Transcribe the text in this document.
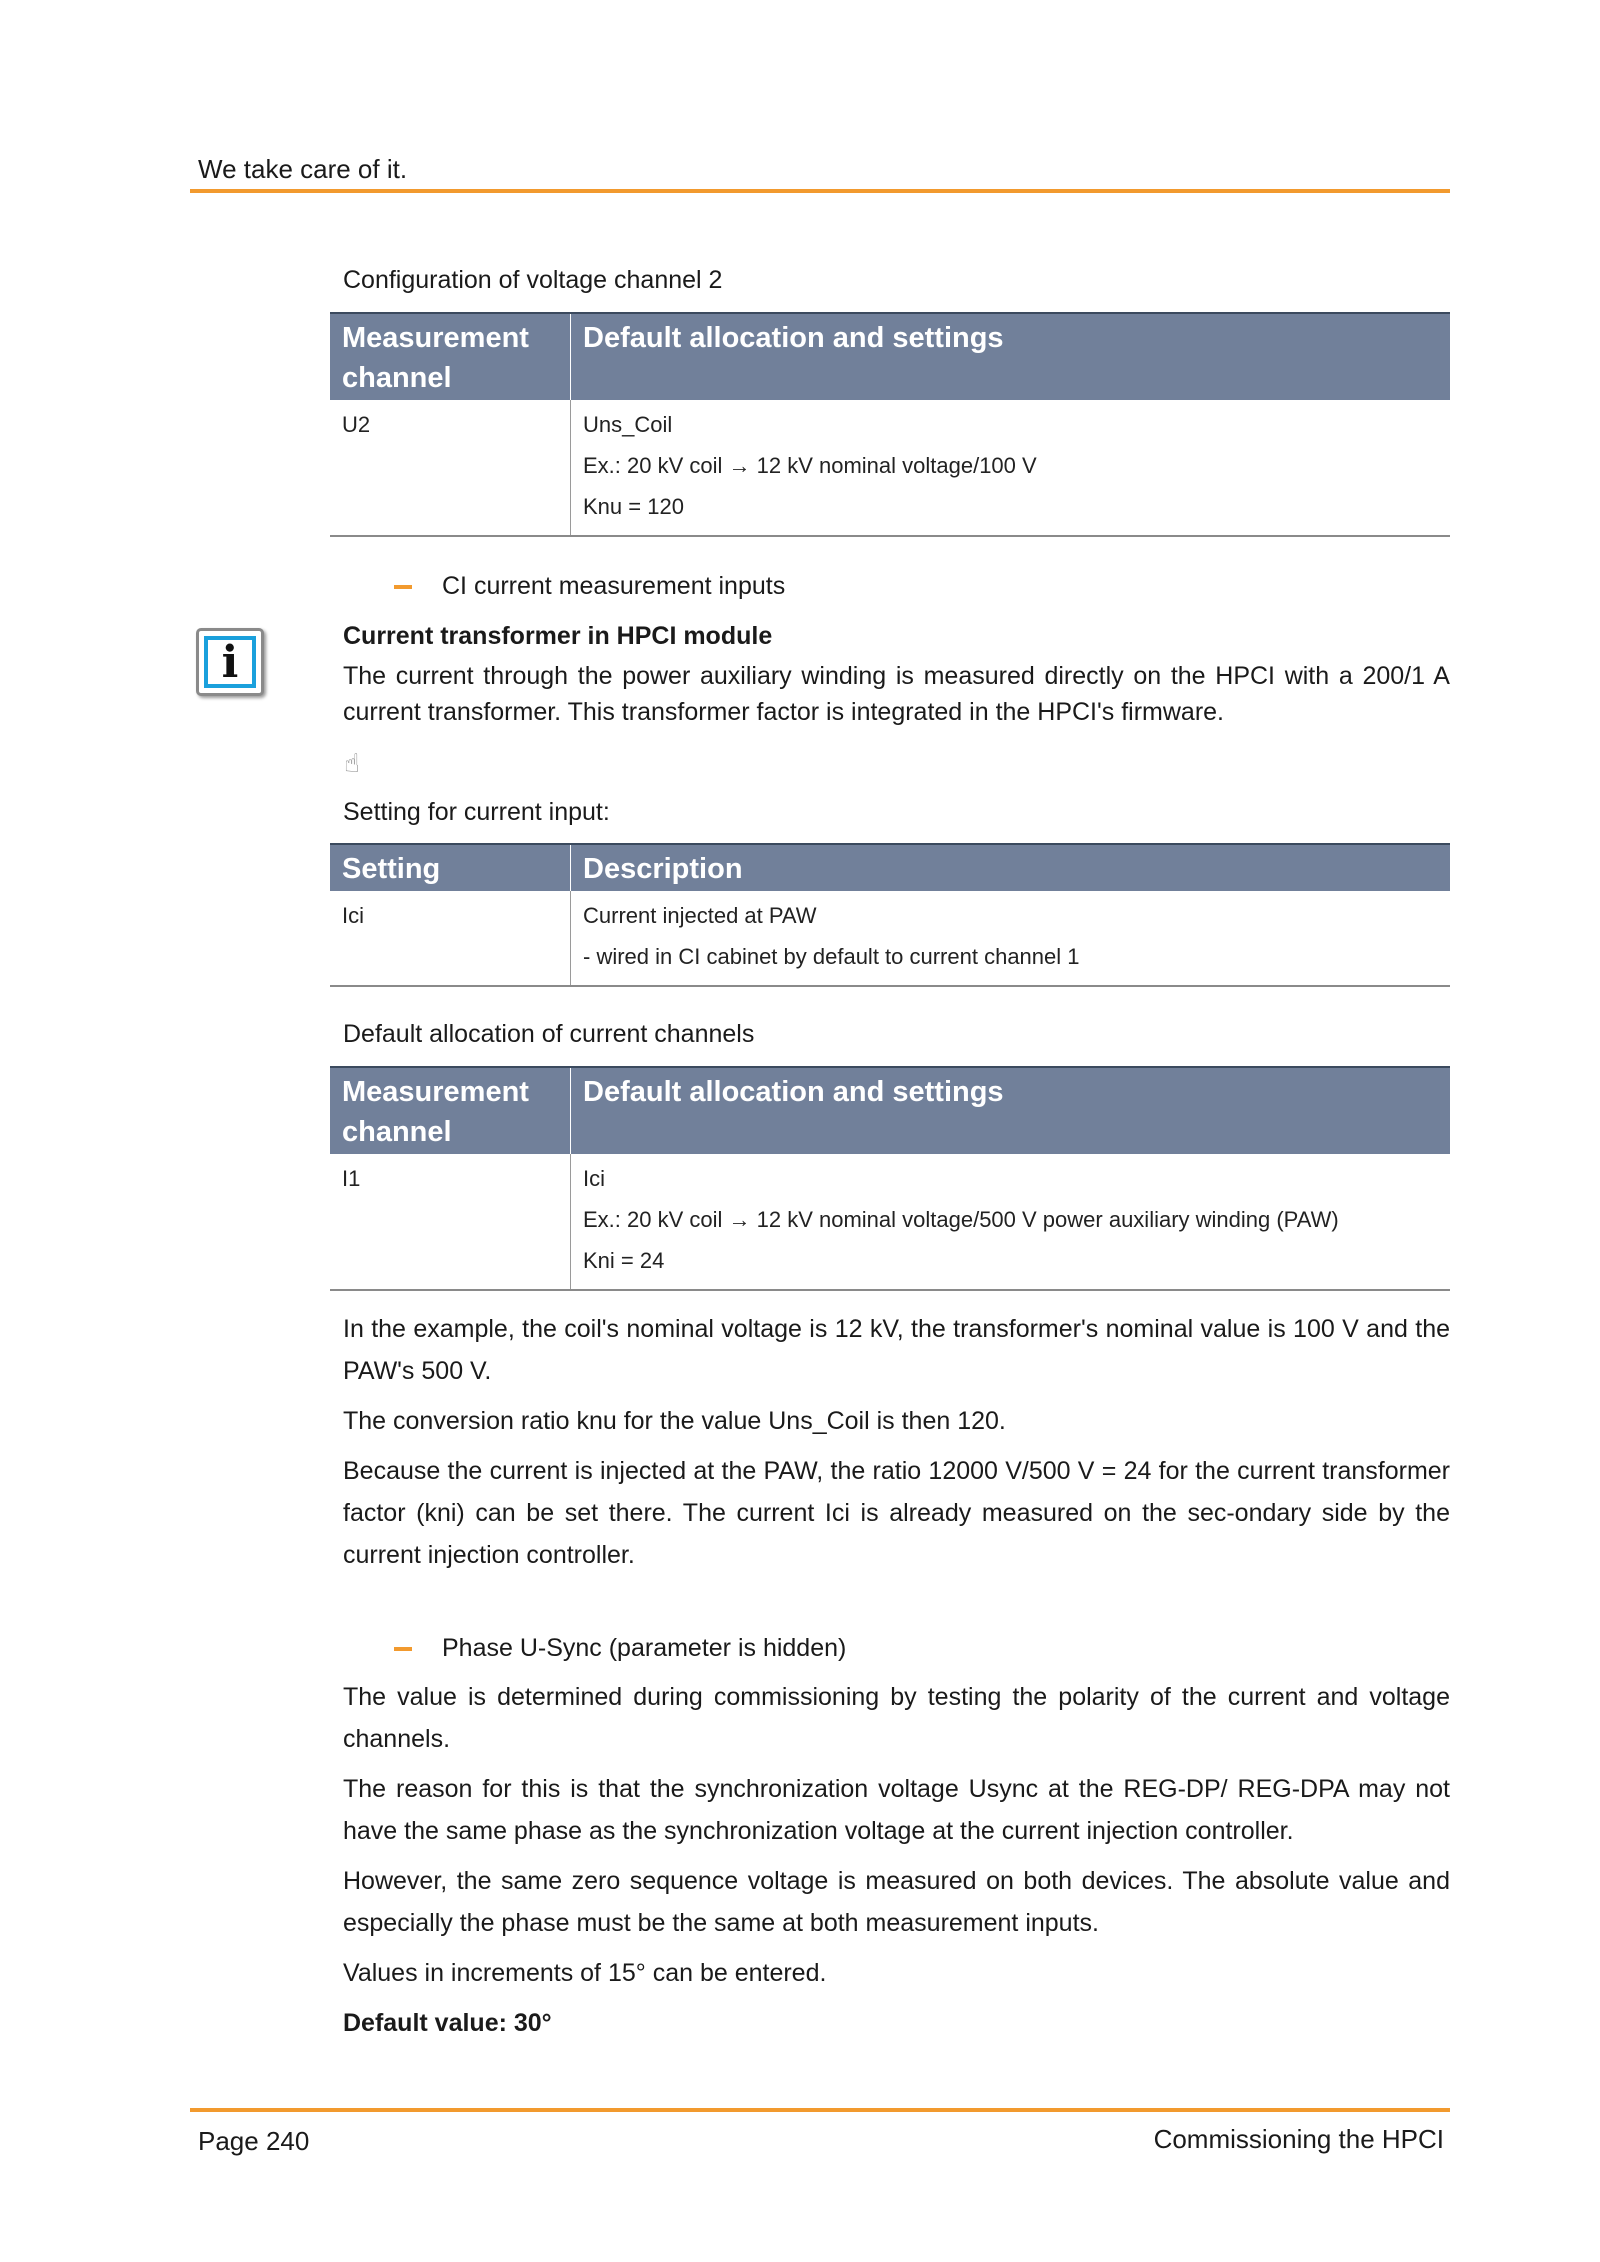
We take care of it.
Configuration of voltage channel 2
Measurement channel	Default allocation and settings
U2	Uns_Coil
Ex.: 20 kV coil → 12 kV nominal voltage/100 V
Knu = 120
CI current measurement inputs
i
Current transformer in HPCI module
The current through the power auxiliary winding is measured directly on the HPCI with a 200/1 A current transformer. This transformer factor is integrated in the HPCI's firmware.
☝
Setting for current input:
Setting	Description
Ici	Current injected at PAW
- wired in CI cabinet by default to current channel 1
Default allocation of current channels
Measurement channel	Default allocation and settings
I1	Ici
Ex.: 20 kV coil → 12 kV nominal voltage/500 V power auxiliary winding (PAW)
Kni = 24
In the example, the coil's nominal voltage is 12 kV, the transformer's nominal value is 100 V and the PAW's 500 V.
The conversion ratio knu for the value Uns_Coil is then 120.
Because the current is injected at the PAW, the ratio 12000 V/500 V = 24 for the current transformer factor (kni) can be set there. The current Ici is already measured on the sec-ondary side by the current injection controller.
Phase U-Sync (parameter is hidden)
The value is determined during commissioning by testing the polarity of the current and voltage channels.
The reason for this is that the synchronization voltage Usync at the REG-DP/ REG-DPA may not have the same phase as the synchronization voltage at the current injection controller.
However, the same zero sequence voltage is measured on both devices. The absolute value and especially the phase must be the same at both measurement inputs.
Values in increments of 15° can be entered.
Default value: 30°
Page 240	Commissioning the HPCI
